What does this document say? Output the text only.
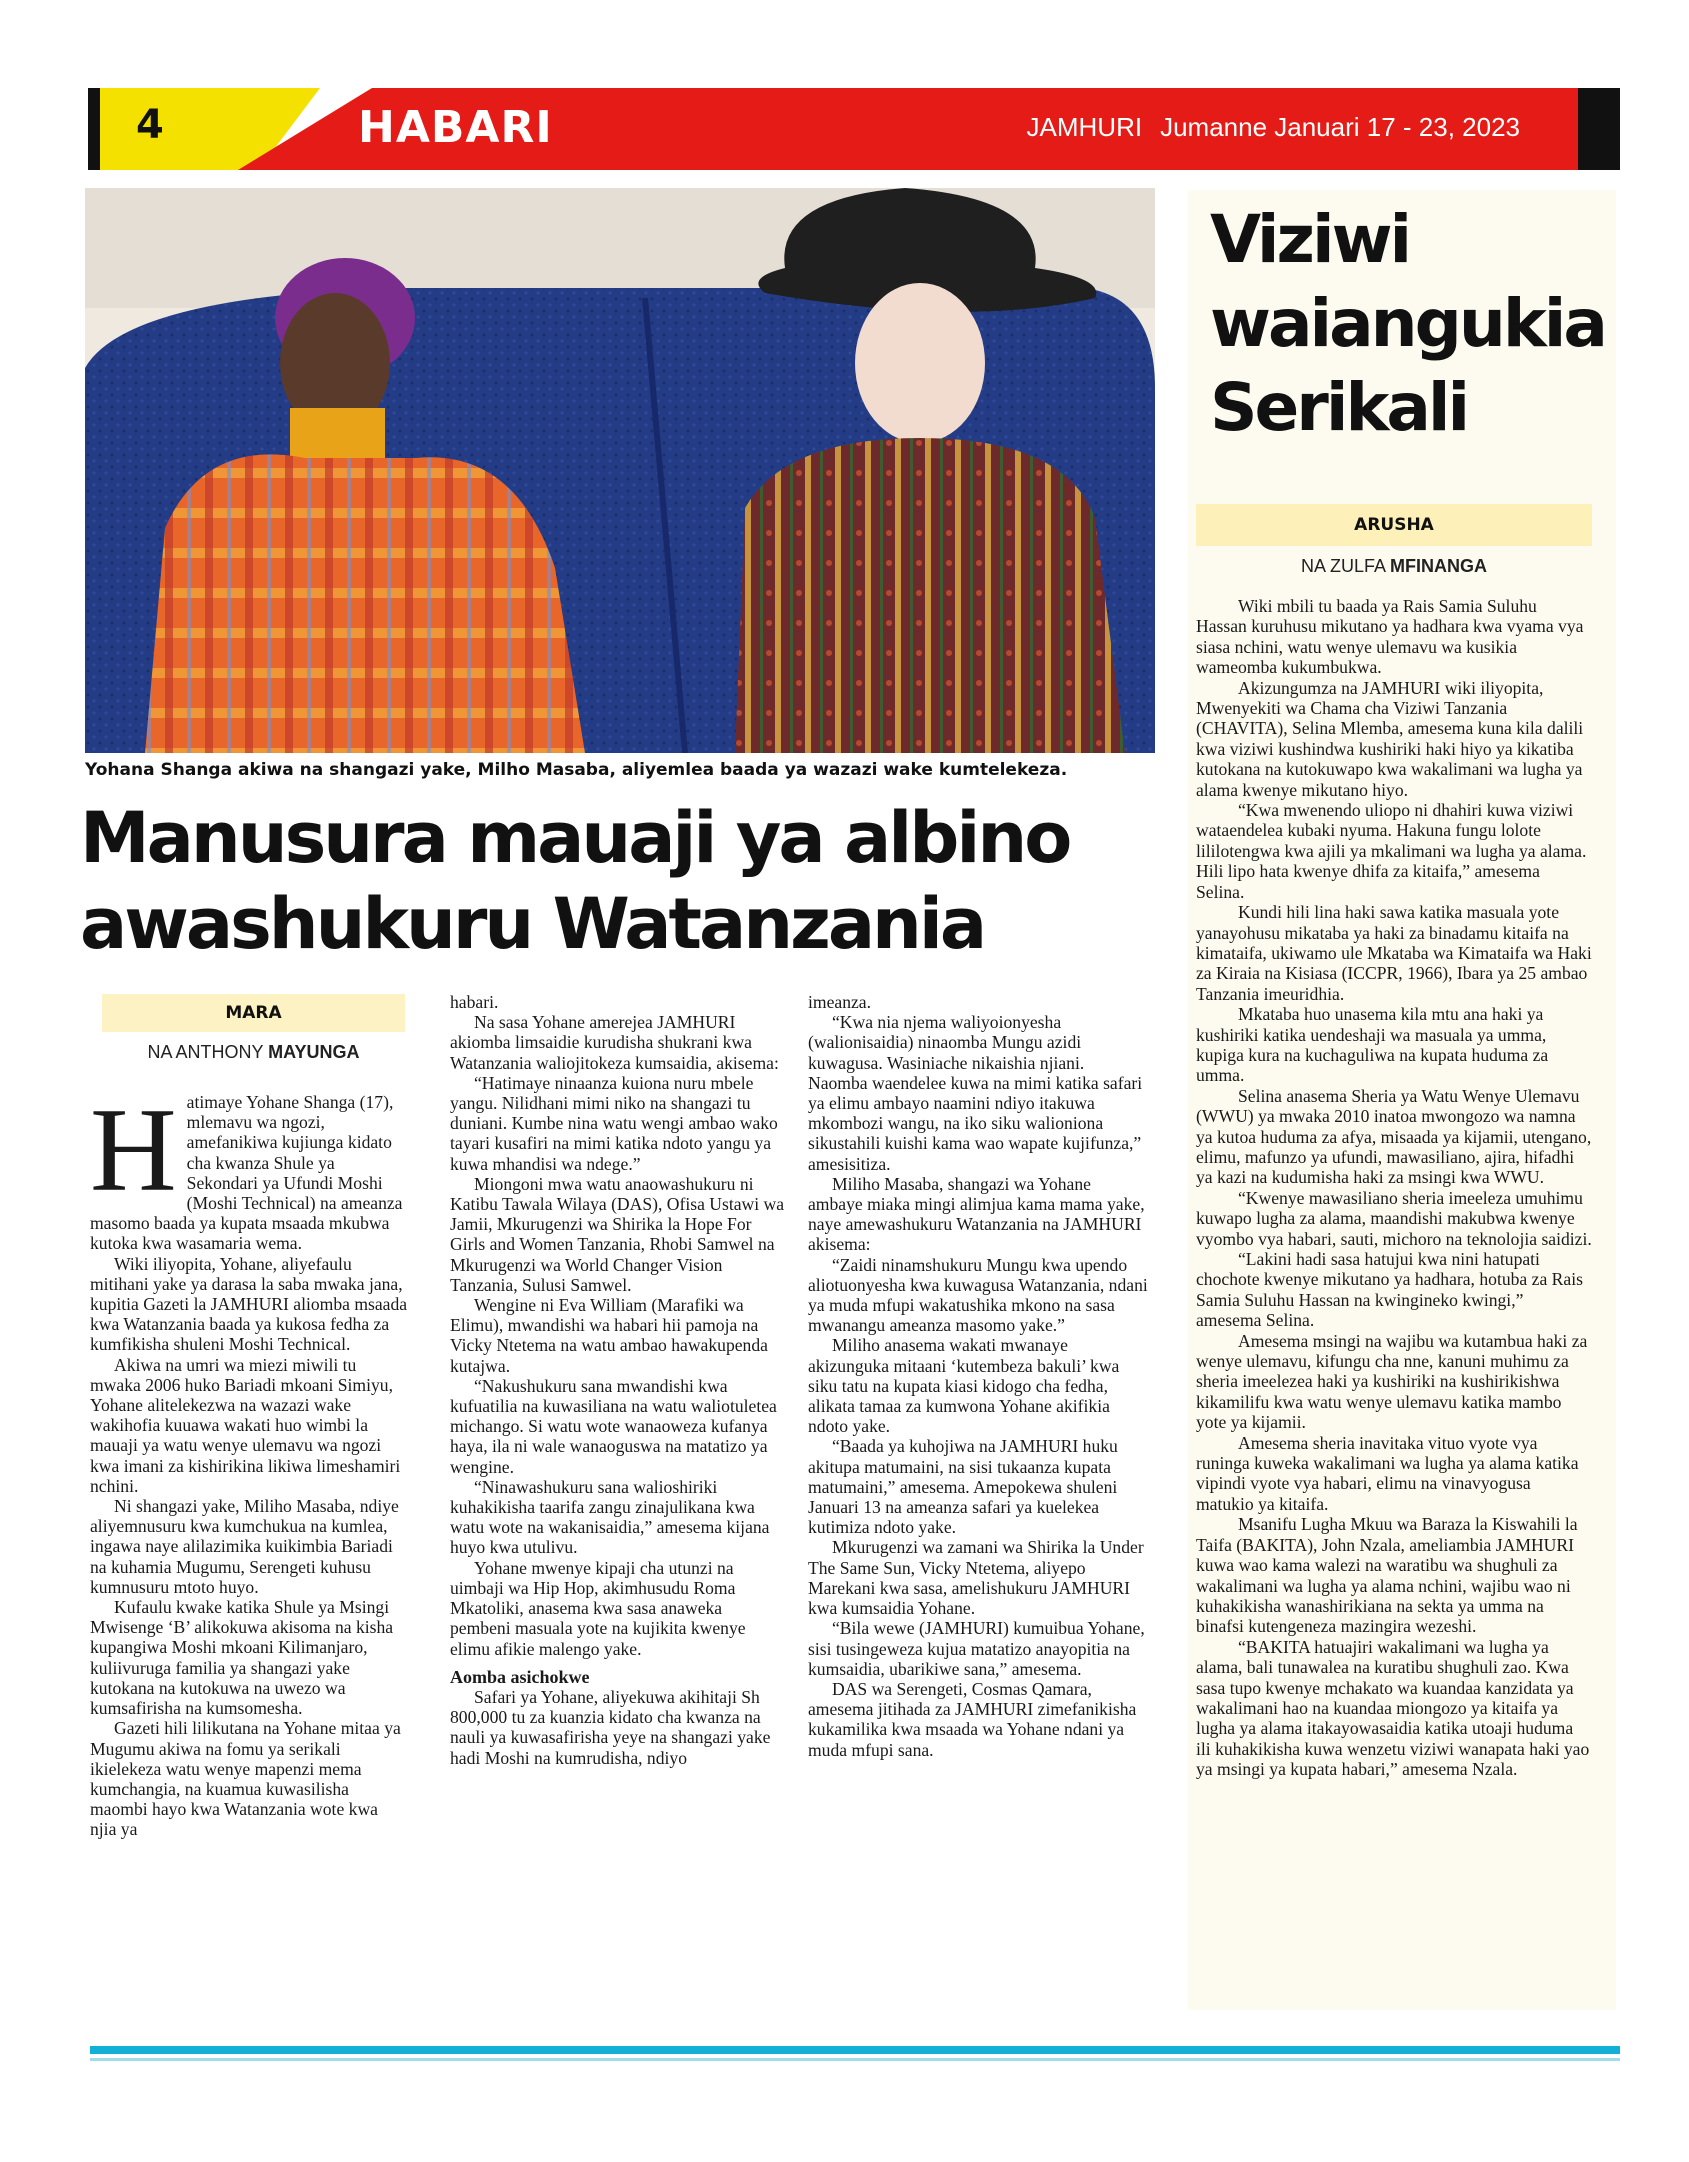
4	HABARI	JAMHURI Jumanne Januari 17 - 23, 2023
Yohana Shanga akiwa na shangazi yake, Milho Masaba, aliyemlea baada ya wazazi wake kumtelekeza.
Manusura mauaji ya albino
awashukuru Watanzania
MARA
NA ANTHONY MAYUNGA
H atimaye Yohane Shanga (17), mlemavu wa ngozi, amefanikiwa kujiunga kidato cha kwanza Shule ya Sekondari ya Ufundi Moshi (Moshi Technical) na ameanza masomo baada ya kupata msaada mkubwa kutoka kwa wasamaria wema.

Wiki iliyopita, Yohane, aliyefaulu mitihani yake ya darasa la saba mwaka jana, kupitia Gazeti la JAMHURI aliomba msaada kwa Watanzania baada ya kukosa fedha za kumfikisha shuleni Moshi Technical.

Akiwa na umri wa miezi miwili tu mwaka 2006 huko Bariadi mkoani Simiyu, Yohane alitelekezwa na wazazi wake wakihofia kuuawa wakati huo wimbi la mauaji ya watu wenye ulemavu wa ngozi kwa imani za kishirikina likiwa limeshamiri nchini.

Ni shangazi yake, Miliho Masaba, ndiye aliyemnusuru kwa kumchukua na kumlea, ingawa naye alilazimika kuikimbia Bariadi na kuhamia Mugumu, Serengeti kuhusu kumnusuru mtoto huyo.

Kufaulu kwake katika Shule ya Msingi Mwisenge ‘B’ alikokuwa akisoma na kisha kupangiwa Moshi mkoani Kilimanjaro, kuliivuruga familia ya shangazi yake kutokana na kutokuwa na uwezo wa kumsafirisha na kumsomesha.

Gazeti hili lilikutana na Yohane mitaa ya Mugumu akiwa na fomu ya serikali ikielekeza watu wenye mapenzi mema kumchangia, na kuamua kuwasilisha maombi hayo kwa Watanzania wote kwa njia ya

habari.

Na sasa Yohane amerejea JAMHURI akiomba limsaidie kurudisha shukrani kwa Watanzania waliojitokeza kumsaidia, akisema:

“Hatimaye ninaanza kuiona nuru mbele yangu. Nilidhani mimi niko na shangazi tu duniani. Kumbe nina watu wengi ambao wako tayari kusafiri na mimi katika ndoto yangu ya kuwa mhandisi wa ndege.”

Miongoni mwa watu anaowashukuru ni Katibu Tawala Wilaya (DAS), Ofisa Ustawi wa Jamii, Mkurugenzi wa Shirika la Hope For Girls and Women Tanzania, Rhobi Samwel na Mkurugenzi wa World Changer Vision Tanzania, Sulusi Samwel.

Wengine ni Eva William (Marafiki wa Elimu), mwandishi wa habari hii pamoja na Vicky Ntetema na watu ambao hawakupenda kutajwa.

“Nakushukuru sana mwandishi kwa kufuatilia na kuwasiliana na watu waliotuletea michango. Si watu wote wanaoweza kufanya haya, ila ni wale wanaoguswa na matatizo ya wengine.

“Ninawashukuru sana walioshiriki kuhakikisha taarifa zangu zinajulikana kwa watu wote na wakanisaidia,” amesema kijana huyo kwa utulivu.

Yohane mwenye kipaji cha utunzi na uimbaji wa Hip Hop, akimhusudu Roma Mkatoliki, anasema kwa sasa anaweka pembeni masuala yote na kujikita kwenye elimu afikie malengo yake.

Aomba asichokwe

Safari ya Yohane, aliyekuwa akihitaji Sh 800,000 tu za kuanzia kidato cha kwanza na nauli ya kuwasafirisha yeye na shangazi yake hadi Moshi na kumrudisha, ndiyo

imeanza.

“Kwa nia njema waliyoionyesha (walionisaidia) ninaomba Mungu azidi kuwagusa. Wasiniache nikaishia njiani. Naomba waendelee kuwa na mimi katika safari ya elimu ambayo naamini ndiyo itakuwa mkombozi wangu, na iko siku walioniona sikustahili kuishi kama wao wapate kujifunza,” amesisitiza.

Miliho Masaba, shangazi wa Yohane ambaye miaka mingi alimjua kama mama yake, naye amewashukuru Watanzania na JAMHURI akisema:

“Zaidi ninamshukuru Mungu kwa upendo aliotuonyesha kwa kuwagusa Watanzania, ndani ya muda mfupi wakatushika mkono na sasa mwanangu ameanza masomo yake.”

Miliho anasema wakati mwanaye akizunguka mitaani ‘kutembeza bakuli’ kwa siku tatu na kupata kiasi kidogo cha fedha, alikata tamaa za kumwona Yohane akifikia ndoto yake.

“Baada ya kuhojiwa na JAMHURI huku akitupa matumaini, na sisi tukaanza kupata matumaini,” amesema. Amepokewa shuleni Januari 13 na ameanza safari ya kuelekea kutimiza ndoto yake.

Mkurugenzi wa zamani wa Shirika la Under The Same Sun, Vicky Ntetema, aliyepo Marekani kwa sasa, amelishukuru JAMHURI kwa kumsaidia Yohane.

“Bila wewe (JAMHURI) kumuibua Yohane, sisi tusingeweza kujua matatizo anayopitia na kumsaidia, ubarikiwe sana,” amesema.

DAS wa Serengeti, Cosmas Qamara, amesema jitihada za JAMHURI zimefanikisha kukamilika kwa msaada wa Yohane ndani ya muda mfupi sana.

Viziwi
waiangukia
Serikali
ARUSHA
NA ZULFA MFINANGA

Wiki mbili tu baada ya Rais Samia Suluhu Hassan kuruhusu mikutano ya hadhara kwa vyama vya siasa nchini, watu wenye ulemavu wa kusikia wameomba kukumbukwa.

Akizungumza na JAMHURI wiki iliyopita, Mwenyekiti wa Chama cha Viziwi Tanzania (CHAVITA), Selina Mlemba, amesema kuna kila dalili kwa viziwi kushindwa kushiriki haki hiyo ya kikatiba kutokana na kutokuwapo kwa wakalimani wa lugha ya alama kwenye mikutano hiyo.

“Kwa mwenendo uliopo ni dhahiri kuwa viziwi wataendelea kubaki nyuma. Hakuna fungu lolote lililotengwa kwa ajili ya mkalimani wa lugha ya alama. Hili lipo hata kwenye dhifa za kitaifa,” amesema Selina.

Kundi hili lina haki sawa katika masuala yote yanayohusu mikataba ya haki za binadamu kitaifa na kimataifa, ukiwamo ule Mkataba wa Kimataifa wa Haki za Kiraia na Kisiasa (ICCPR, 1966), Ibara ya 25 ambao Tanzania imeuridhia.

Mkataba huo unasema kila mtu ana haki ya kushiriki katika uendeshaji wa masuala ya umma, kupiga kura na kuchaguliwa na kupata huduma za umma.

Selina anasema Sheria ya Watu Wenye Ulemavu (WWU) ya mwaka 2010 inatoa mwongozo wa namna ya kutoa huduma za afya, misaada ya kijamii, utengano, elimu, mafunzo ya ufundi, mawasiliano, ajira, hifadhi ya kazi na kudumisha haki za msingi kwa WWU.

“Kwenye mawasiliano sheria imeeleza umuhimu kuwapo lugha za alama, maandishi makubwa kwenye vyombo vya habari, sauti, michoro na teknolojia saidizi.

“Lakini hadi sasa hatujui kwa nini hatupati chochote kwenye mikutano ya hadhara, hotuba za Rais Samia Suluhu Hassan na kwingineko kwingi,” amesema Selina.

Amesema msingi na wajibu wa kutambua haki za wenye ulemavu, kifungu cha nne, kanuni muhimu za sheria imeelezea haki ya kushiriki na kushirikishwa kikamilifu kwa watu wenye ulemavu katika mambo yote ya kijamii.

Amesema sheria inavitaka vituo vyote vya runinga kuweka wakalimani wa lugha ya alama katika vipindi vyote vya habari, elimu na vinavyogusa matukio ya kitaifa.

Msanifu Lugha Mkuu wa Baraza la Kiswahili la Taifa (BAKITA), John Nzala, ameliambia JAMHURI kuwa wao kama walezi na waratibu wa shughuli za wakalimani wa lugha ya alama nchini, wajibu wao ni kuhakikisha wanashirikiana na sekta ya umma na binafsi kutengeneza mazingira wezeshi.

“BAKITA hatuajiri wakalimani wa lugha ya alama, bali tunawalea na kuratibu shughuli zao. Kwa sasa tupo kwenye mchakato wa kuandaa kanzidata ya wakalimani hao na kuandaa miongozo ya kitaifa ya lugha ya alama itakayowasaidia katika utoaji huduma ili kuhakikisha kuwa wenzetu viziwi wanapata haki yao ya msingi ya kupata habari,” amesema Nzala.
